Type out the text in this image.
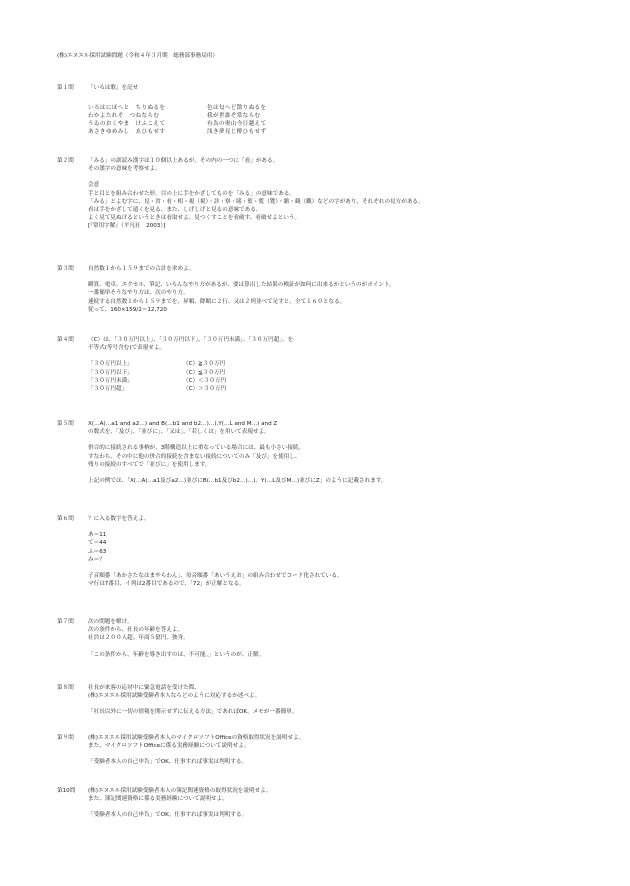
(株)エヌエル採用試験問題（令和４年３月期　総務部事務局用）
第１問	「いろは歌」を記せ
いろはにほへと　ちりぬるを	色は匂へど散りぬるを
わかよたれそ　つねならむ	我が世誰ぞ常ならむ
うゐのおくやま　けふこえて	有為の奥山今日越えて
あさきゆめみし　ゑひもせす	浅き夢見じ酔ひもせず
第２問	「みる」の訓読み漢字は１０個以上あるが、その内の一つに「看」がある。
その漢字の意味を考察せよ。
会意
手と目とを組み合わせた形。目の上に手をかざしてものを「みる」の意味である。
「みる」とよむ字に、見・省・看・相・視（視）・診・察・睹・監・覧（覽）・瞻・観（觀）などの字があり、それぞれの見方がある。
看は手をかざして遠くを見る、また、しげしげと見るの意味である。
よく見て見ぬけるというときは看取せよ、見つくすことを看破す、看破せよという。
[『常用字解』（平凡社　2003）]
第３問	自然数１から１５９までの合計を求めよ。
瞬算、電卓、エクセル、筆記、いろんなやり方があるが、要は算出した結果の検証が如何に出来るかというのがポイント。
一番簡単そうなやり方は、次のやり方。
連続する自然数１から１５９までを、昇順、降順に２行、又は２列並べて足すと、全て１６０となる。
従って、160×159/2＝12,720
第４問	（C）は、「３０万円以上」、「３０万円以下」、「３０万円未満」、「３０万円超」、を
不等式(等号含む)で表現せよ。
「３０万円以上」	（C）≧３０万円
「３０万円以下」	（C）≦３０万円
「３０万円未満」	（C）＜３０万円
「３０万円超」	（C）＞３０万円
第５問	X(…A(…a1 and a2…) and B(…b1 and b2…)…),Y(…L and M…) and Z
の数式を、「及び」、「並びに」、「又は」、「若しくは」を用いて表現せよ。
併合的に接続される事柄が、3階構造以上に重なっている場合には、最も小さい接続。
すなわち、その中に他の併合的接続を含まない接続についてのみ「及び」を使用し、
残りの接続のすべてで「並びに」を使用します。
上記の例では、「X(…A(…a1及びa2…)並びにB(…b1及びb2…)…)、Y(…L及びM…)並びにZ」のように記載されます。
第６問	？に入る数字を答えよ。
あ＝11
て＝44
ふ＝63
み＝？
子音順番「あかさたなはまやらわん」、母音順番「あいうえお」の組み合わせでコード化されている。
マ行は7番目、イ列は2番目であるので、「72」が正解となる。
第７問	次の問題を解け。
次の条件から、社長の年齢を答えよ。
社員は２００人超。年商５億円。独身。
「この条件から、年齢を導き出すのは、不可能。」というのが、正解。
第８問	社長が来客の応対中に緊急電話を受けた際、
(株)エヌエル採用試験受験者本人ならどのように対応するか述べよ。
「社長以外に一切の情報を開示せずに伝える方法」であればOK。メモが一番簡単。
第９問	(株)エヌエル採用試験受験者本人のマイクロソフトOfficeの資格取得状況を説明せよ。
また、マイクロソフトOfficeに係る実務経験について説明せよ。
「受験者本人の自己申告」でOK。仕事すれば事実は判明する。
第10問 (株)エヌエル採用試験受験者本人の簿記関連資格の取得状況を説明せよ。
また、簿記関連資格に係る実務経験について説明せよ。
「受験者本人の自己申告」でOK。仕事すれば事実は判明する。
